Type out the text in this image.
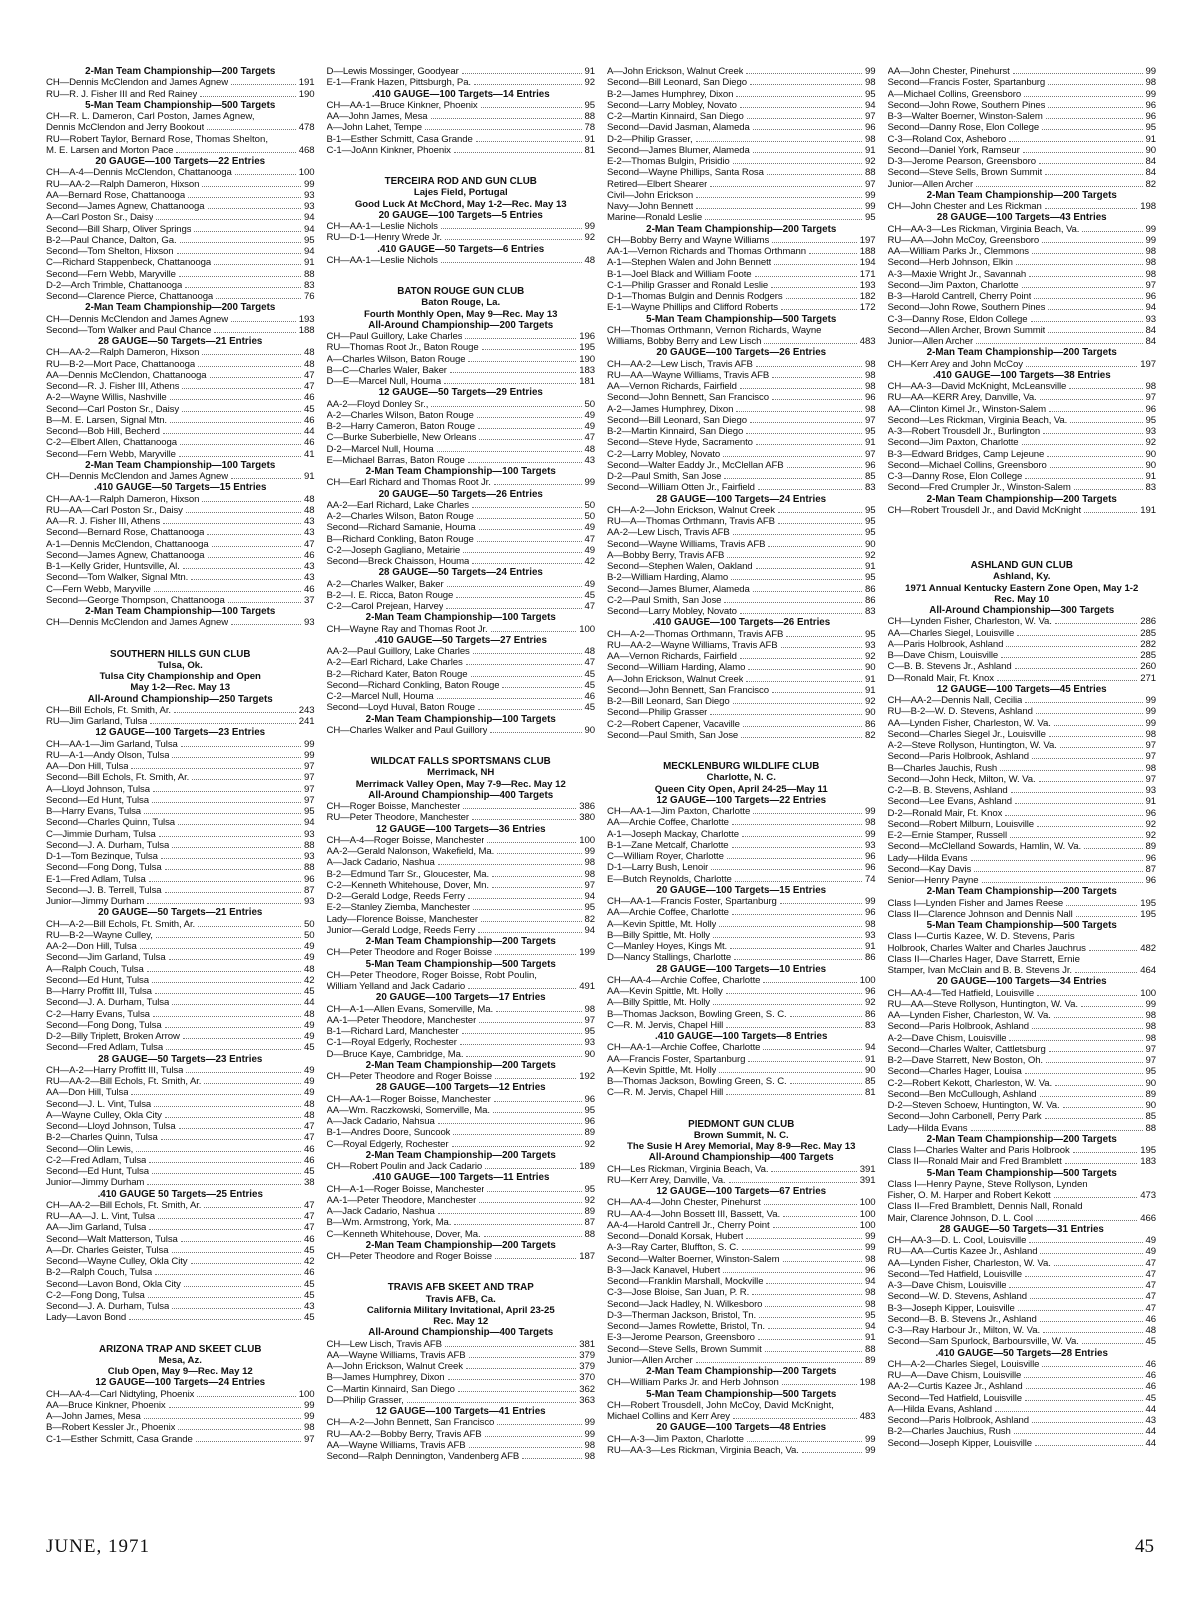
2-Man Team Championship—200 Targets
CH—Dennis McClendon and James Agnew	191
RU—R. J. Fisher III and Red Rainey	190
5-Man Team Championship—500 Targets
CH—R. L. Dameron, Carl Poston, James Agnew,
Dennis McClendon and Jerry Bookout	478
RU—Robert Taylor, Bernard Rose, Thomas Shelton,
M. E. Larsen and Morton Pace	468
20 GAUGE—100 Targets—22 Entries
CH—A-4—Dennis McClendon, Chattanooga	100
RU—AA-2—Ralph Dameron, Hixson	99
AA—Bernard Rose, Chattanooga	93
Second—James Agnew, Chattanooga	93
A—Carl Poston Sr., Daisy	94
Second—Bill Sharp, Oliver Springs	94
B-2—Paul Chance, Dalton, Ga.	95
Second—Tom Shelton, Hixson	94
C—Richard Stappenbeck, Chattanooga	91
Second—Fern Webb, Maryville	88
D-2—Arch Trimble, Chattanooga	83
Second—Clarence Pierce, Chattanooga	76
2-Man Team Championship—200 Targets
CH—Dennis McClendon and James Agnew	193
Second—Tom Walker and Paul Chance	188
28 GAUGE—50 Targets—21 Entries
CH—AA-2—Ralph Dameron, Hixson	48
RU—B-2—Mort Pace, Chattanooga	48
AA—Dennis McClendon, Chattanooga	47
Second—R. J. Fisher III, Athens	47
A-2—Wayne Willis, Nashville	46
Second—Carl Poston Sr., Daisy	45
B—M. E. Larsen, Signal Mtn.	46
Second—Bob Hill, Becherd	44
C-2—Elbert Allen, Chattanooga	46
Second—Fern Webb, Maryville	41
2-Man Team Championship—100 Targets
CH—Dennis McClendon and James Agnew	91
.410 GAUGE—50 Targets—15 Entries
CH—AA-1—Ralph Dameron, Hixson	48
RU—AA—Carl Poston Sr., Daisy	48
AA—R. J. Fisher III, Athens	43
Second—Bernard Rose, Chattanooga	43
A-1—Dennis McClendon, Chattanooga	47
Second—James Agnew, Chattanooga	46
B-1—Kelly Grider, Huntsville, Al.	43
Second—Tom Walker, Signal Mtn.	43
C—Fern Webb, Maryville	46
Second—George Thompson, Chattanooga	37
2-Man Team Championship—100 Targets
CH—Dennis McClendon and James Agnew	93
SOUTHERN HILLS GUN CLUB
Tulsa, Ok.
Tulsa City Championship and Open
May 1-2—Rec. May 13
All-Around Championship—250 Targets
CH—Bill Echols, Ft. Smith, Ar.	243
RU—Jim Garland, Tulsa	241
12 GAUGE—100 Targets—23 Entries
CH—AA-1—Jim Garland, Tulsa	99
RU—A-1—Andy Olson, Tulsa	99
AA—Don Hill, Tulsa	97
Second—Bill Echols, Ft. Smith, Ar.	97
A—Lloyd Johnson, Tulsa	97
Second—Ed Hunt, Tulsa	97
B—Harry Evans, Tulsa	95
Second—Charles Quinn, Tulsa	94
C—Jimmie Durham, Tulsa	93
Second—J. A. Durham, Tulsa	88
D-1—Tom Bezinque, Tulsa	93
Second—Fong Dong, Tulsa	88
E-1—Fred Adlam, Tulsa	96
Second—J. B. Terrell, Tulsa	87
Junior—Jimmy Durham	93
20 GAUGE—50 Targets—21 Entries
CH—A-2—Bill Echols, Ft. Smith, Ar.	50
RU—B-2—Wayne Culley,	50
AA-2—Don Hill, Tulsa	49
Second—Jim Garland, Tulsa	49
A—Ralph Couch, Tulsa	48
Second—Ed Hunt, Tulsa	42
B—Harry Proffitt III, Tulsa	45
Second—J. A. Durham, Tulsa	44
C-2—Harry Evans, Tulsa	48
Second—Fong Dong, Tulsa	49
D-2—Billy Triplett, Broken Arrow	49
Second—Fred Adlam, Tulsa	45
28 GAUGE—50 Targets—23 Entries
CH—A-2—Harry Proffitt III, Tulsa	49
RU—AA-2—Bill Echols, Ft. Smith, Ar.	49
AA—Don Hill, Tulsa	49
Second—J. L. Vint, Tulsa	48
A—Wayne Culley, Okla City	48
Second—Lloyd Johnson, Tulsa	47
B-2—Charles Quinn, Tulsa	47
Second—Olin Lewis,	46
C-2—Fred Adlam, Tulsa	46
Second—Ed Hunt, Tulsa	45
Junior—Jimmy Durham	38
.410 GAUGE 50 Targets—25 Entries
CH—AA-2—Bill Echols, Ft. Smith, Ar.	47
RU—AA—J. L. Vint, Tulsa	47
AA—Jim Garland, Tulsa	47
Second—Walt Matterson, Tulsa	46
A—Dr. Charles Geister, Tulsa	45
Second—Wayne Culley, Okla City	42
B-2—Ralph Couch, Tulsa	46
Second—Lavon Bond, Okla City	45
C-2—Fong Dong, Tulsa	45
Second—J. A. Durham, Tulsa	43
Lady—Lavon Bond	45
ARIZONA TRAP AND SKEET CLUB
Mesa, Az.
Club Open, May 9—Rec. May 12
12 GAUGE—100 Targets—24 Entries
CH—AA-4—Carl Nidtyling, Phoenix	100
AA—Bruce Kinkner, Phoenix	99
A—John James, Mesa	99
B—Robert Kessler Jr., Phoenix	98
C-1—Esther Schmitt, Casa Grande	97
D—Lewis Mossinger, Goodyear	91
E-1—Frank Hazen, Pittsburgh, Pa.	92
.410 GAUGE—100 Targets—14 Entries
CH—AA-1—Bruce Kinkner, Phoenix	95
AA—John James, Mesa	88
A—John Lahet, Tempe	78
B-1—Esther Schmitt, Casa Grande	91
C-1—JoAnn Kinkner, Phoenix	81
TERCEIRA ROD AND GUN CLUB
Lajes Field, Portugal
Good Luck At McChord, May 1-2—Rec. May 13
20 GAUGE—100 Targets—5 Entries
CH—AA-1—Leslie Nichols	99
RU—D-1—Henry Wrede Jr.	92
.410 GAUGE—50 Targets—6 Entries
CH—AA-1—Leslie Nichols	48
BATON ROUGE GUN CLUB
Baton Rouge, La.
Fourth Monthly Open, May 9—Rec. May 13
All-Around Championship—200 Targets
CH—Paul Guillory, Lake Charles	196
RU—Thomas Root Jr., Baton Rouge	195
A—Charles Wilson, Baton Rouge	190
B—C—Charles Waler, Baker	183
D—E—Marcel Null, Houma	181
12 GAUGE—50 Targets—29 Entries
AA-2—Floyd Donley Sr.,	50
A-2—Charles Wilson, Baton Rouge	49
B-2—Harry Cameron, Baton Rouge	49
C—Burke Suberbielle, New Orleans	47
D-2—Marcel Null, Houma	48
E—Michael Barras, Baton Rouge	43
2-Man Team Championship—100 Targets
CH—Earl Richard and Thomas Root Jr.	99
20 GAUGE—50 Targets—26 Entries
AA-2—Earl Richard, Lake Charles	50
A-2—Charles Wilson, Baton Rouge	50
Second—Richard Samanie, Houma	49
B—Richard Conkling, Baton Rouge	47
C-2—Joseph Gagliano, Metairie	49
Second—Breck Chaisson, Houma	42
28 GAUGE—50 Targets—24 Entries
A-2—Charles Walker, Baker	49
B-2—I. E. Ricca, Baton Rouge	45
C-2—Carol Prejean, Harvey	47
2-Man Team Championship—100 Targets
CH—Wayne Ray and Thomas Root Jr.	100
.410 GAUGE—50 Targets—27 Entries
AA-2—Paul Guillory, Lake Charles	48
A-2—Earl Richard, Lake Charles	47
B-2—Richard Kater, Baton Rouge	45
Second—Richard Conkling, Baton Rouge	45
C-2—Marcel Null, Houma	46
Second—Loyd Huval, Baton Rouge	45
2-Man Team Championship—100 Targets
CH—Charles Walker and Paul Guillory	90
WILDCAT FALLS SPORTSMANS CLUB
Merrimack, NH
Merrimack Valley Open, May 7-9—Rec. May 12
All-Around Championship—400 Targets
CH—Roger Boisse, Manchester	386
RU—Peter Theodore, Manchester	380
12 GAUGE—100 Targets—36 Entries
CH—A-4—Roger Boisse, Manchester	100
AA-2—Gerald Nalonson, Wakefield, Ma.	99
A—Jack Cadario, Nashua	98
B-2—Edmund Tarr Sr., Gloucester, Ma.	98
C-2—Kenneth Whitehouse, Dover, Mn.	97
D-2—Gerald Lodge, Reeds Ferry	94
E-2—Stanley Ziemba, Manchester	95
Lady—Florence Boisse, Manchester	82
Junior—Gerald Lodge, Reeds Ferry	94
2-Man Team Championship—200 Targets
CH—Peter Theodore and Roger Boisse	199
5-Man Team Championship—500 Targets
CH—Peter Theodore, Roger Boisse, Robt Poulin,
William Yelland and Jack Cadario	491
20 GAUGE—100 Targets—17 Entries
CH—A-1—Allen Evans, Somerville, Ma.	98
AA-1—Peter Theodore, Manchester	97
B-1—Richard Lard, Manchester	95
C-1—Royal Edgerly, Rochester	93
D—Bruce Kaye, Cambridge, Ma.	90
2-Man Team Championship—200 Targets
CH—Peter Theodore and Roger Boisse	192
28 GAUGE—100 Targets—12 Entries
CH—AA-1—Roger Boisse, Manchester	96
AA—Wm. Raczkowski, Somerville, Ma.	95
A—Jack Cadario, Nahsua	96
B-1—Andres Doore, Suncook	89
C—Royal Edgerly, Rochester	92
2-Man Team Championship—200 Targets
CH—Robert Poulin and Jack Cadario	189
.410 GAUGE—100 Targets—11 Entries
CH—A-1—Roger Boisse, Manchester	95
AA-1—Peter Theodore, Manchester	92
A—Jack Cadario, Nashua	89
B—Wm. Armstrong, York, Ma.	87
C—Kenneth Whitehouse, Dover, Ma.	88
2-Man Team Championship—200 Targets
CH—Peter Theodore and Roger Boisse	187
TRAVIS AFB SKEET AND TRAP
Travis AFB, Ca.
California Military Invitational, April 23-25
Rec. May 12
All-Around Championship—400 Targets
CH—Lew Lisch, Travis AFB	381
AA—Wayne Williams, Travis AFB	379
A—John Erickson, Walnut Creek	379
B—James Humphrey, Dixon	370
C—Martin Kinnaird, San Diego	362
D—Philip Grasser,	363
12 GAUGE—100 Targets—41 Entries
CH—A-2—John Bennett, San Francisco	99
RU—AA-2—Bobby Berry, Travis AFB	99
AA—Wayne Williams, Travis AFB	98
Second—Ralph Dennington, Vandenberg AFB	98
A—John Erickson, Walnut Creek	99
Second—Bill Leonard, San Diego	98
B-2—James Humphrey, Dixon	95
Second—Larry Mobley, Novato	94
C-2—Martin Kinnaird, San Diego	97
Second—David Jasman, Alameda	96
D-2—Philip Grasser,	98
Second—James Blumer, Alameda	91
E-2—Thomas Bulgin, Prisidio	92
Second—Wayne Phillips, Santa Rosa	88
Retired—Elbert Shearer	97
Civil—John Erickson	99
Navy—John Bennett	99
Marine—Ronald Leslie	95
2-Man Team Championship—200 Targets
CH—Bobby Berry and Wayne Williams	197
AA-1—Vernon Richards and Thomas Orthmann	188
A-1—Stephen Walen and John Bennett	194
B-1—Joel Black and William Foote	171
C-1—Philip Grasser and Ronald Leslie	193
D-1—Thomas Bulgin and Dennis Rodgers	182
E-1—Wayne Phillips and Clifford Roberts	172
5-Man Team Championship—500 Targets
CH—Thomas Orthmann, Vernon Richards, Wayne
Williams, Bobby Berry and Lew Lisch	483
20 GAUGE—100 Targets—26 Entries
CH—AA-2—Lew Lisch, Travis AFB	98
RU—AA—Wayne Williams, Travis AFB	98
AA—Vernon Richards, Fairfield	98
Second—John Bennett, San Francisco	96
A-2—James Humphrey, Dixon	98
Second—Bill Leonard, San Diego	97
B-2—Martin Kinnaird, San Diego	95
Second—Steve Hyde, Sacramento	91
C-2—Larry Mobley, Novato	97
Second—Walter Eaddy Jr., McClellan AFB	96
D-2—Paul Smith, San Jose	85
Second—William Otten Jr., Fairfield	83
28 GAUGE—100 Targets—24 Entries
CH—A-2—John Erickson, Walnut Creek	95
RU—A—Thomas Orthmann, Travis AFB	95
AA-2—Lew Lisch, Travis AFB	95
Second—Wayne Williams, Travis AFB	90
A—Bobby Berry, Travis AFB	92
Second—Stephen Walen, Oakland	91
B-2—William Harding, Alamo	95
Second—James Blumer, Alameda	86
C-2—Paul Smith, San Jose	86
Second—Larry Mobley, Novato	83
.410 GAUGE—100 Targets—26 Entries
CH—A-2—Thomas Orthmann, Travis AFB	95
RU—AA-2—Wayne Williams, Travis AFB	93
AA—Vernon Richards, Fairfield	92
Second—William Harding, Alamo	90
A—John Erickson, Walnut Creek	91
Second—John Bennett, San Francisco	91
B-2—Bill Leonard, San Diego	92
Second—Philip Grasser	90
C-2—Robert Capener, Vacaville	86
Second—Paul Smith, San Jose	82
MECKLENBURG WILDLIFE CLUB
Charlotte, N. C.
Queen City Open, April 24-25—May 11
12 GAUGE—100 Targets—22 Entries
CH—AA-1—Jim Paxton, Charlotte	99
AA—Archie Coffee, Charlotte	98
A-1—Joseph Mackay, Charlotte	99
B-1—Zane Metcalf, Charlotte	93
C—William Royer, Charlotte	96
D-1—Larry Bush, Lenoir	96
E—Butch Reynolds, Charlotte	74
20 GAUGE—100 Targets—15 Entries
CH—AA-1—Francis Foster, Spartanburg	99
AA—Archie Coffee, Charlotte	96
A—Kevin Spittle, Mt. Holly	98
B—Billy Spittle, Mt. Holly	93
C—Manley Hoyes, Kings Mt.	91
D—Nancy Stallings, Charlotte	86
28 GAUGE—100 Targets—10 Entries
CH—AA-4—Archie Coffee, Charlotte	100
AA—Kevin Spittle, Mt. Holly	96
A—Billy Spittle, Mt. Holly	92
B—Thomas Jackson, Bowling Green, S. C.	86
C—R. M. Jervis, Chapel Hill	83
.410 GAUGE—100 Targets—8 Entries
CH—AA-1—Archie Coffee, Charlotte	94
AA—Francis Foster, Spartanburg	91
A—Kevin Spittle, Mt. Holly	90
B—Thomas Jackson, Bowling Green, S. C.	85
C—R. M. Jervis, Chapel Hill	81
PIEDMONT GUN CLUB
Brown Summit, N. C.
The Susie H Arey Memorial, May 8-9—Rec. May 13
All-Around Championship—400 Targets
CH—Les Rickman, Virginia Beach, Va.	391
RU—Kerr Arey, Danville, Va.	391
12 GAUGE—100 Targets—67 Entries
CH—AA-4—John Chester, Pinehurst	100
RU—AA-4—John Bossett III, Bassett, Va.	100
AA-4—Harold Cantrell Jr., Cherry Point	100
Second—Donald Korsak, Hubert	99
A-3—Ray Carter, Bluffton, S. C.	99
Second—Walter Boerner, Winston-Salem	98
B-3—Jack Kanavel, Hubert	96
Second—Franklin Marshall, Mockville	94
C-3—Jose Bloise, San Juan, P. R.	98
Second—Jack Hadley, N. Wilkesboro	98
D-3—Therman Jackson, Bristol, Tn.	95
Second—James Rowlette, Bristol, Tn.	94
E-3—Jerome Pearson, Greensboro	91
Second—Steve Sells, Brown Summit	88
Junior—Allen Archer	89
2-Man Team Championship—200 Targets
CH—William Parks Jr. and Herb Johnson	198
5-Man Team Championship—500 Targets
CH—Robert Trousdell, John McCoy, David McKnight,
Michael Collins and Kerr Arey	483
20 GAUGE—100 Targets—48 Entries
CH—A-3—Jim Paxton, Charlotte	99
RU—AA-3—Les Rickman, Virginia Beach, Va.	99
AA—John Chester, Pinehurst	99
Second—Francis Foster, Spartanburg	98
A—Michael Collins, Greensboro	99
Second—John Rowe, Southern Pines	96
B-3—Walter Boerner, Winston-Salem	96
Second—Danny Rose, Elon College	95
C-3—Roland Cox, Asheboro	91
Second—Daniel York, Ramseur	90
D-3—Jerome Pearson, Greensboro	84
Second—Steve Sells, Brown Summit	84
Junior—Allen Archer	82
2-Man Team Championship—200 Targets
CH—John Chester and Les Rickman	198
28 GAUGE—100 Targets—43 Entries
CH—AA-3—Les Rickman, Virginia Beach, Va.	99
RU—AA—John McCoy, Greensboro	99
AA—William Parks Jr., Clemmons	98
Second—Herb Johnson, Elkin	98
A-3—Maxie Wright Jr., Savannah	98
Second—Jim Paxton, Charlotte	97
B-3—Harold Cantrell, Cherry Point	96
Second—John Rowe, Southern Pines	94
C-3—Danny Rose, Eldon College	93
Second—Allen Archer, Brown Summit	84
Junior—Allen Archer	84
2-Man Team Championship—200 Targets
CH—Kerr Arey and John McCoy	197
.410 GAUGE—100 Targets—38 Entries
CH—AA-3—David McKnight, McLeansville	98
RU—AA—KERR Arey, Danville, Va.	97
AA—Clinton Kimel Jr., Winston-Salem	96
Second—Les Rickman, Virginia Beach, Va.	95
A-3—Robert Trousdell Jr., Burlington	93
Second—Jim Paxton, Charlotte	92
B-3—Edward Bridges, Camp Lejeune	90
Second—Michael Collins, Greensboro	90
C-3—Danny Rose, Elon College	91
Second—Fred Crumpler Jr., Winston-Salem	83
2-Man Team Championship—200 Targets
CH—Robert Trousdell Jr., and David McKnight	191
ASHLAND GUN CLUB
Ashland, Ky.
1971 Annual Kentucky Eastern Zone Open, May 1-2
Rec. May 10
All-Around Championship—300 Targets
CH—Lynden Fisher, Charleston, W. Va.	286
AA—Charles Siegel, Louisville	285
A—Paris Holbrook, Ashland	282
B—Dave Chism, Louisville	285
C—B. B. Stevens Jr., Ashland	260
D—Ronald Mair, Ft. Knox	271
12 GAUGE—100 Targets—45 Entries
CH—AA-2—Dennis Nall, Cecilia	99
RU—B-2—W. D. Stevens, Ashland	99
AA—Lynden Fisher, Charleston, W. Va.	99
Second—Charles Siegel Jr., Louisville	98
A-2—Steve Rollyson, Huntington, W. Va.	97
Second—Paris Holbrook, Ashland	97
B—Charles Jauchis, Rush	98
Second—John Heck, Milton, W. Va.	97
C-2—B. B. Stevens, Ashland	93
Second—Lee Evans, Ashland	91
D-2—Ronald Mair, Ft. Knox	96
Second—Robert Milburn, Louisville	92
E-2—Ernie Stamper, Russell	92
Second—McClelland Sowards, Hamlin, W. Va.	89
Lady—Hilda Evans	96
Second—Kay Davis	87
Senior—Henry Payne	96
2-Man Team Championship—200 Targets
Class I—Lynden Fisher and James Reese	195
Class II—Clarence Johnson and Dennis Nall	195
5-Man Team Championship—500 Targets
Class I—Curtis Kazee, W. D. Stevens, Paris
Holbrook, Charles Walter and Charles Jauchrus	482
Class II—Charles Hager, Dave Starrett, Ernie
Stamper, Ivan McClain and B. B. Stevens Jr.	464
20 GAUGE—100 Targets—34 Entries
CH—AA-4—Ted Hatfield, Louisville	100
RU—AA—Steve Rollyson, Huntington, W. Va.	99
AA—Lynden Fisher, Charleston, W. Va.	98
Second—Paris Holbrook, Ashland	98
A-2—Dave Chism, Louisville	98
Second—Charles Walter, Cattletsburg	97
B-2—Dave Starrett, New Boston, Oh.	97
Second—Charles Hager, Louisa	95
C-2—Robert Kekott, Charleston, W. Va.	90
Second—Ben McCullough, Ashland	89
D-2—Steven Schoew, Huntington, W. Va.	90
Second—John Carbonell, Perry Park	85
Lady—Hilda Evans	88
2-Man Team Championship—200 Targets
Class I—Charles Walter and Paris Holbrook	195
Class II—Ronald Mair and Fred Bramblett	183
5-Man Team Championship—500 Targets
Class I—Henry Payne, Steve Rollyson, Lynden
Fisher, O. M. Harper and Robert Kekott	473
Class II—Fred Bramblett, Dennis Nall, Ronald
Mair, Clarence Johnson, D. L. Cool	466
28 GAUGE—50 Targets—31 Entries
CH—AA-3—D. L. Cool, Louisville	49
RU—AA—Curtis Kazee Jr., Ashland	49
AA—Lynden Fisher, Charleston, W. Va.	47
Second—Ted Hatfield, Louisville	47
A-3—Dave Chism, Louisville	47
Second—W. D. Stevens, Ashland	47
B-3—Joseph Kipper, Louisville	47
Second—B. B. Stevens Jr., Ashland	46
C-3—Ray Harbour Jr., Milton, W. Va.	48
Second—Sam Spurlock, Barboursville, W. Va.	45
.410 GAUGE—50 Targets—28 Entries
CH—A-2—Charles Siegel, Louisville	46
RU—A—Dave Chism, Louisville	46
AA-2—Curtis Kazee Jr., Ashland	46
Second—Ted Hatfield, Louisville	45
A—Hilda Evans, Ashland	44
Second—Paris Holbrook, Ashland	43
B-2—Charles Jauchius, Rush	44
Second—Joseph Kipper, Louisville	44
JUNE, 1971	45
